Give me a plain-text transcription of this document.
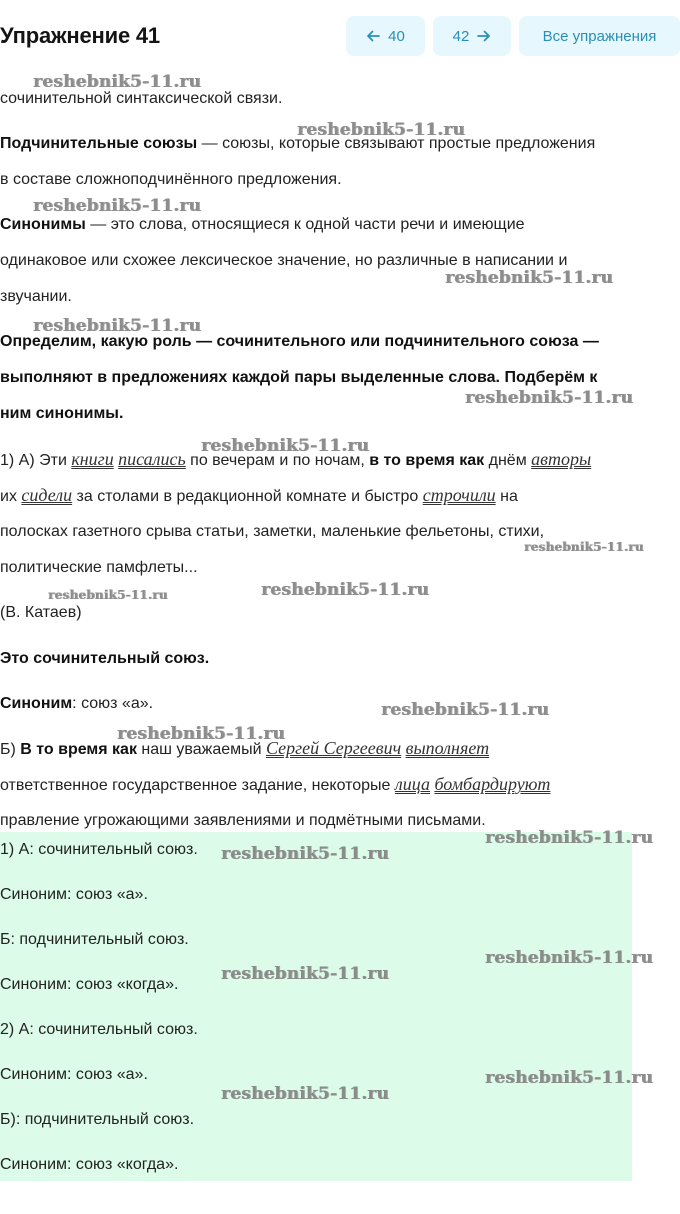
сочинительной синтаксической связи.
Подчинительные союзы — союзы, которые связывают простые предложения
в составе сложноподчинённого предложения.
Синонимы — это слова, относящиеся к одной части речи и имеющие
одинаковое или схожее лексическое значение, но различные в написании и
звучании.
Определим, какую роль — сочинительного или подчинительного союза —
выполняют в предложениях каждой пары выделенные слова. Подберём к
ним синонимы.
1) А) Эти книги писались по вечерам и по ночам, в то время как днём авторы
их сидели за столами в редакционной комнате и быстро строчили на
полосках газетного срыва статьи, заметки, маленькие фельетоны, стихи,
политические памфлеты...
(В. Катаев)
Это сочинительный союз.
Синоним: союз «а».
Б) В то время как наш уважаемый Сергей Сергеевич выполняет
ответственное государственное задание, некоторые лица бомбардируют
правление угрожающими заявлениями и подмётными письмами.
1) А: сочинительный союз.
Синоним: союз «а».
Б: подчинительный союз.
Синоним: союз «когда».
2) А: сочинительный союз.
Синоним: союз «а».
Б): подчинительный союз.
Синоним: союз «когда».
reshebnik5-11.ru
reshebnik5-11.ru
reshebnik5-11.ru
reshebnik5-11.ru
reshebnik5-11.ru
reshebnik5-11.ru
reshebnik5-11.ru
reshebnik5-11.ru
reshebnik5-11.ru	reshebnik5-11.ru
reshebnik5-11.ru
reshebnik5-11.ru
reshebnik5-11.ru
reshebnik5-11.ru
reshebnik5-11.ru
reshebnik5-11.ru
reshebnik5-11.ru
reshebnik5-11.ru
Упражнение 41	40	42	Все упражнения
